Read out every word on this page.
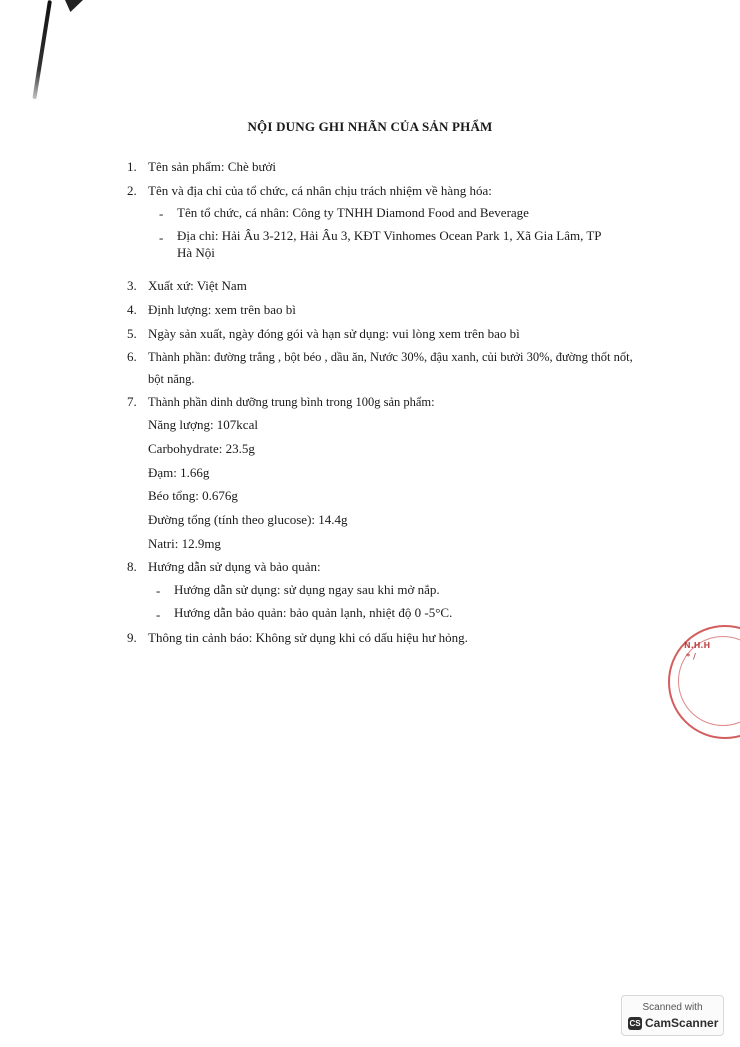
NỘI DUNG GHI NHÃN CỦA SẢN PHẨM
1. Tên sản phẩm: Chè bưởi
2. Tên và địa chỉ của tổ chức, cá nhân chịu trách nhiệm về hàng hóa:
- Tên tổ chức, cá nhân: Công ty TNHH Diamond Food and Beverage
- Địa chỉ: Hải Âu 3-212, Hải Âu 3, KĐT Vinhomes Ocean Park 1, Xã Gia Lâm, TP
Hà Nội
3. Xuất xứ: Việt Nam
4. Định lượng: xem trên bao bì
5. Ngày sản xuất, ngày đóng gói và hạn sử dụng: vui lòng xem trên bao bì
6. Thành phần: đường trắng , bột béo , dầu ăn, Nước 30%, đậu xanh, củi bưởi 30%, đường thốt nốt,
bột năng.
7. Thành phần dinh dưỡng trung bình trong 100g sản phẩm:
Năng lượng: 107kcal
Carbohydrate: 23.5g
Đạm: 1.66g
Béo tổng: 0.676g
Đường tổng (tính theo glucose): 14.4g
Natri: 12.9mg
8. Hướng dẫn sử dụng và bảo quản:
- Hướng dẫn sử dụng: sử dụng ngay sau khi mở nắp.
- Hướng dẫn bảo quản: bảo quản lạnh, nhiệt độ 0 -5°C.
9. Thông tin cảnh báo: Không sử dụng khi có dấu hiệu hư hỏng.
N.H.H * /
Scanned with
CS CamScanner
